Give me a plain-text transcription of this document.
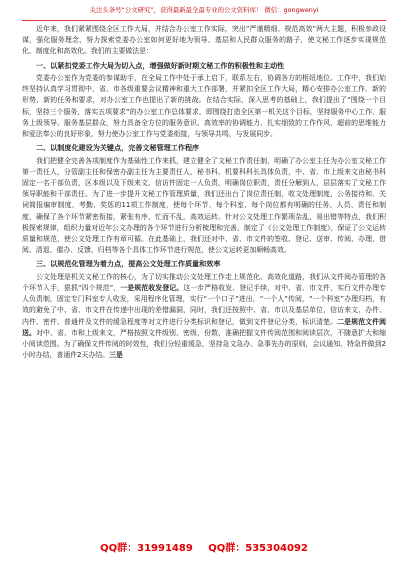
关注头条号“公文研究”，获得最新最全最专业的公文资料库！ 微信：gongwenyi

近年来，我们紧紧围绕全区工作大局，并结合办公室工作实际，突出“严谨精细、规范高效”两大主题，积极参政设谋，强化服务理念，努力探索党委办公室如何更好地为领导、基层和人民群众服务的路子，使文秘工作逐步实现规范化、制度化和高效化。我们的主要做法是：

一、以紧扣党委工作大局为切入点，增强做好新时期文秘工作的积极性和主动性

党委办公室作为党委的参谋助手，在全局工作中处于承上启下，联系左右，协调各方的枢纽地位。工作中，我们始终坚持认真学习贯彻中，省、市各级重要会议精神和重大工作部署，并紧扣全区工作大局，精心安排办公室工作、新的形势、新的任务和要求，对办公室工作也提出了新的挑战。在结合实际，深入思考的基础上，我们提出了“围绕一个目标，坚持三个服务，落实五项要求”的办公室工作总体要求，即围绕打造全区第一机关这个目标，坚持服务中心工作、服务上级领导、服务基层群众，努力具备全方位的服务意识、高效率的协调能力、扎实细致的工作作风、超前的思维能力和爱法奉公的良好形象，努力使办公室工作与党委衔接，与领导共鸣，与发展同步。

二、以制度化建设为关键点，完善文秘管理工作程序

我们把健全完善各项制度作为基础性工作来抓，建立健全了文秘工作责任制，明确了办公室主任为办公室文秘工作第一责任人，分管副主任和保密办副主任为主要责任人，秘书科、机要科科长具体负责，中、省、市上级来文由秘书科固定一名干部负责，区本级以及下级来文、信访件固定一人负责，明确岗位职责，责任分解到人，层层落实了文秘工作领导职能和干部责任。为了进一步提升文秘工作管理质量，我们还出台了岗位责任制，收文处理制度，公务接待和、关词简报编审制度、考勤、奖惩的11项工作制度，使每个环节、每个科室、每个岗位都有明确的任务、人员、责任和制度，确保了各个环节紧密衔接，紧张有序，忙而不乱，高效运转。针对公文处理工作繁琐杂乱，易出错等特点，我们积极探索规律，组织力量对近年公文办理的各个环节进行分析梳理和完善，制定了《公文处理工作制度》，保证了公文运转质量和规范，使公文处理工作有章可循。在此基础上，我们还对中、省、市文件的签收、登记、送审、传阅、办理、借阅、清退、催办、反馈、归档等各个具体工作环节进行规范，使公文运转更加顺畅高效。

三、以规范化管理为着力点，提高公文处理工作质量和效率

公文处理是机关文秘工作的核心，为了切实推动公文处理工作走上规范化、高效化道路，我们从文件阅办管理的各个环节入手，狠抓“四个规范”，一是规范收发登记。这一步严格收发、登记手续，对中、省、市文件，实行文件办理专人负责制，固定专门科室专人收发，采用程序化管理，实行“一个口子”进出，“一个人”传阅，“一个科室”办理归档，有效的避免了中、省、市文件在传递中出现的差错漏洞，同时，我们还按照中、省、市以及基层单位，信访来文、办件、内件、密件、普通件及文件的缓急程度等对文件进行分类标识和登记，做到文件登记分类，标识清楚。二是规范文件阅送。对中、省、市和上级来文，严格按照文件级别、密级、份数，准确把握文件传阅范围和阅读层次，不随意扩大和缩小阅读范围。为了确保文件传阅的时效性，我们分轻重缓急，坚持急文急办、急事先办的原则，会议通知、特急件做到2小时办结，普通件2天办结。三是

QQ群：31991489 QQ群：535304092
